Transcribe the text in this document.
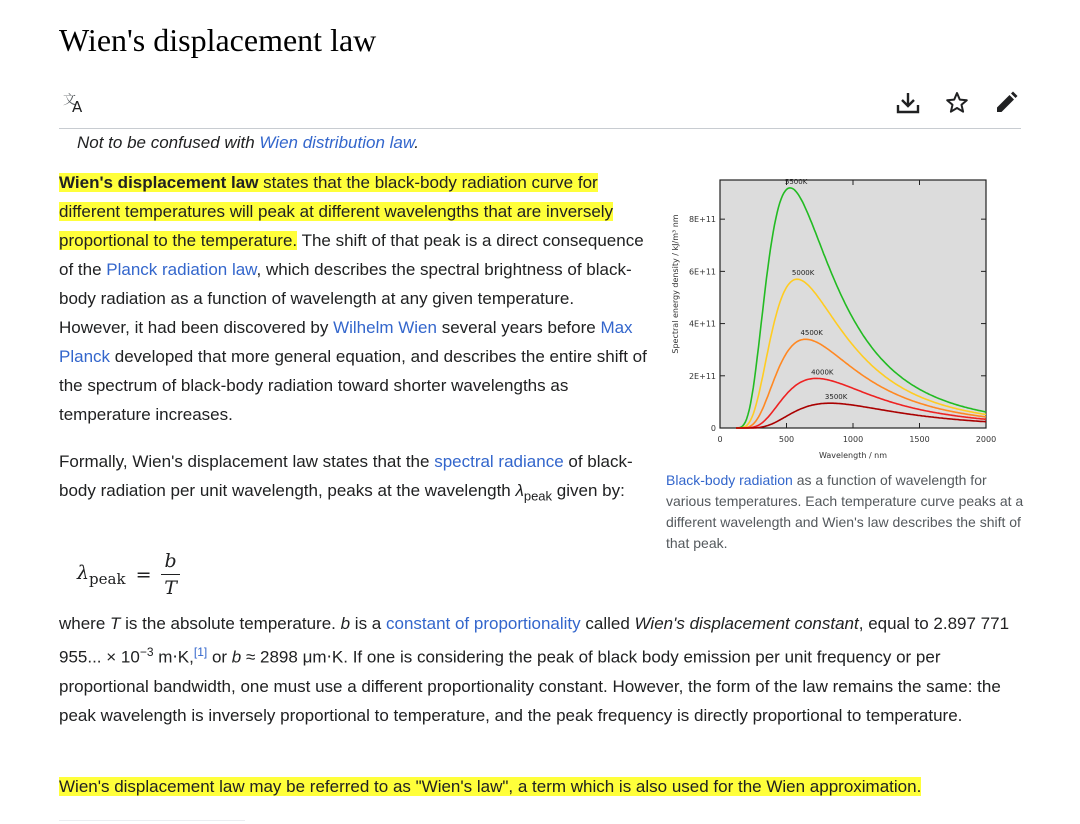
Wien's displacement law
文
A
Not to be confused with Wien distribution law.
Wien's displacement law states that the black-body radiation curve for different temperatures will peak at different wavelengths that are inversely proportional to the temperature. The shift of that peak is a direct consequence of the Planck radiation law, which describes the spectral brightness of black-body radiation as a function of wavelength at any given temperature. However, it had been discovered by Wilhelm Wien several years before Max Planck developed that more general equation, and describes the entire shift of the spectrum of black-body radiation toward shorter wavelengths as temperature increases.
Formally, Wien's displacement law states that the spectral radiance of black-body radiation per unit wavelength, peaks at the wavelength $\lambda_{peak}$ given by:
$\lambda_{peak} = \frac{b}{T}$
where T is the absolute temperature. b is a constant of proportionality called Wien's displacement constant, equal to 2.897 771 955... × $10^{-3}$ m⋅K,[1] or b ≈ 2898 μm⋅K. If one is considering the peak of black body emission per unit frequency or per proportional bandwidth, one must use a different proportionality constant. However, the form of the law remains the same: the peak wavelength is inversely proportional to temperature, and the peak frequency is directly proportional to temperature.
Wien's displacement law may be referred to as "Wien's law", a term which is also used for the Wien approximation.
0	500	1000	1500	2000
0
2E+11
4E+11
6E+11
8E+11
Wavelength / nm
Spectral energy density / kJ/m³ nm
5500K
5000K
4500K
4000K
3500K
Black-body radiation as a function of wavelength for various temperatures. Each temperature curve peaks at a different wavelength and Wien's law describes the shift of that peak.
